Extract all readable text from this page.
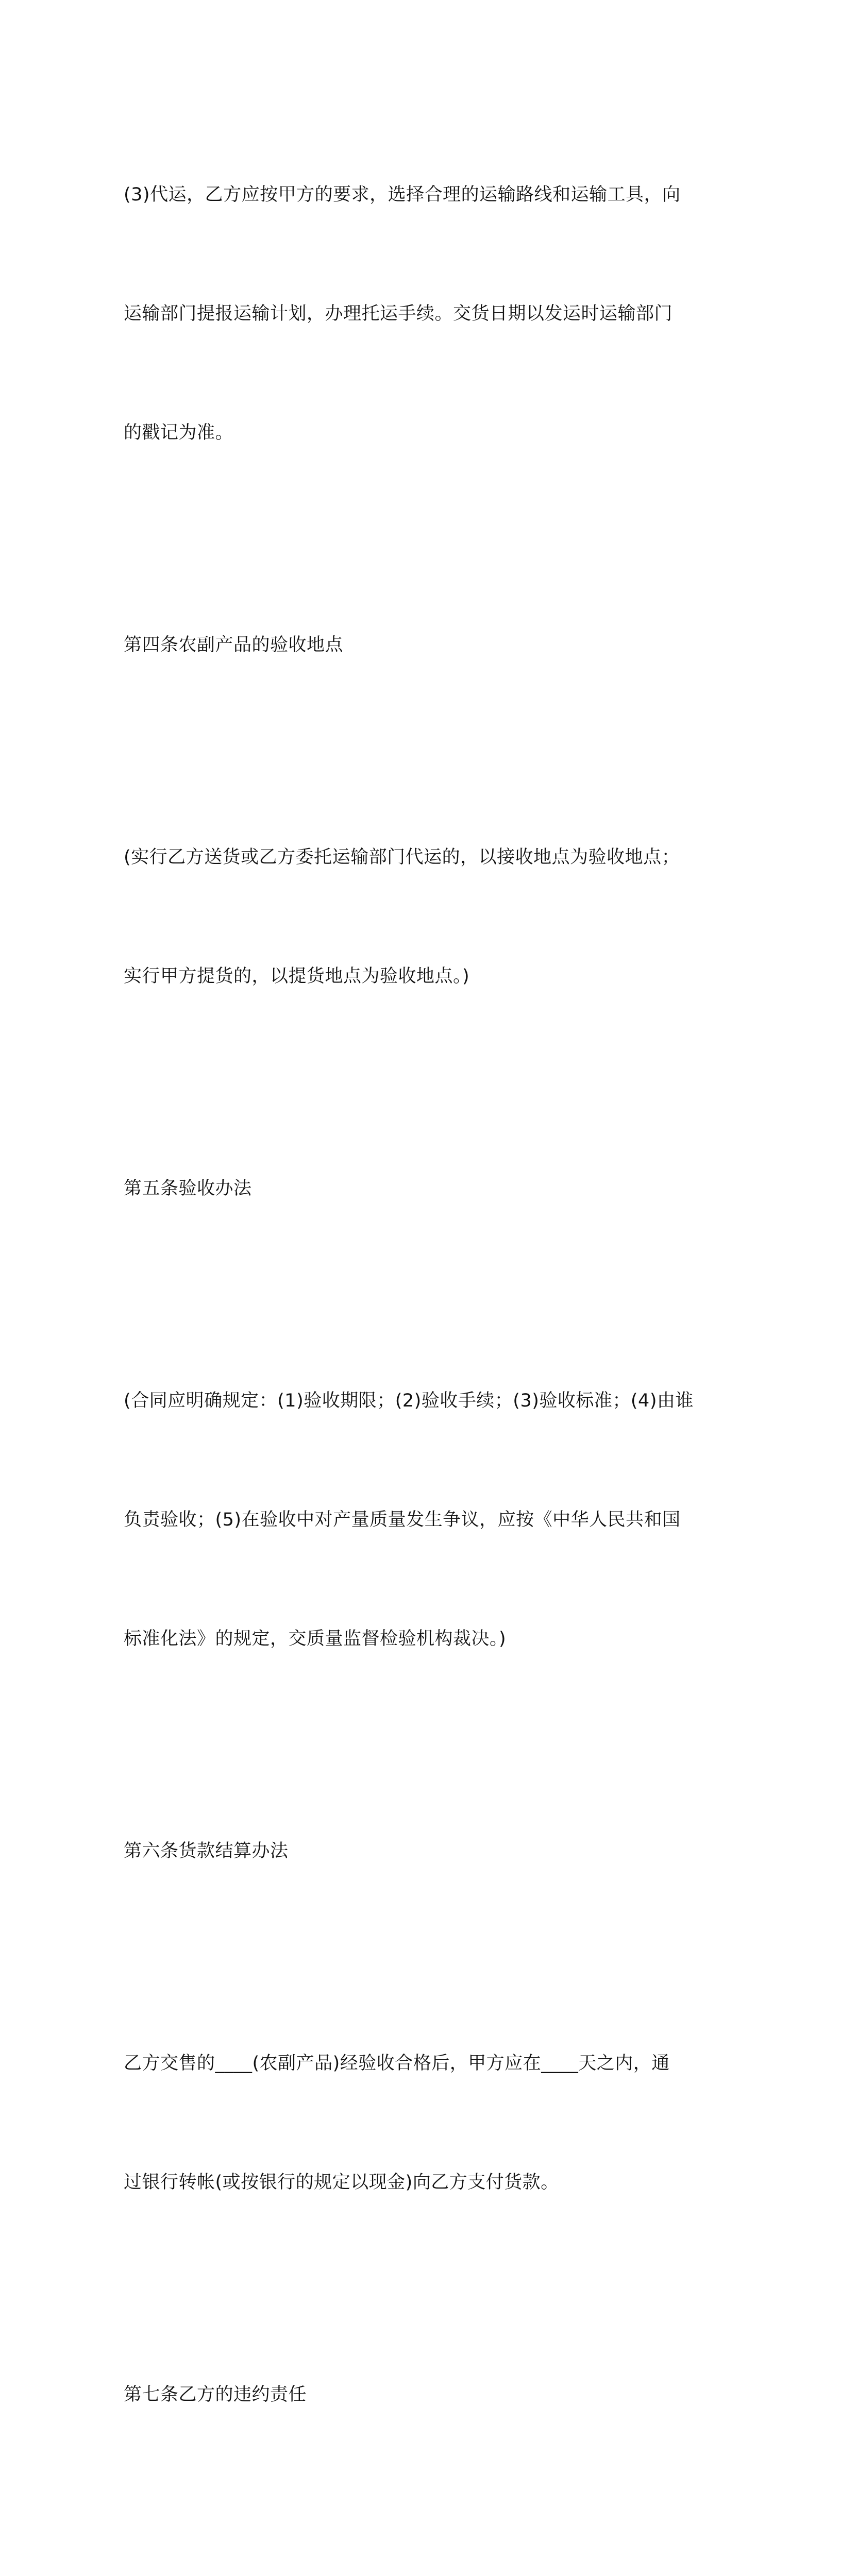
(3)代运，乙方应按甲方的要求，选择合理的运输路线和运输工具，向

运输部门提报运输计划，办理托运手续。交货日期以发运时运输部门

的戳记为准。

第四条农副产品的验收地点

(实行乙方送货或乙方委托运输部门代运的，以接收地点为验收地点；

实行甲方提货的，以提货地点为验收地点。)

第五条验收办法

(合同应明确规定：(1)验收期限；(2)验收手续；(3)验收标准；(4)由谁

负责验收；(5)在验收中对产量质量发生争议，应按《中华人民共和国

标准化法》的规定，交质量监督检验机构裁决。)

第六条货款结算办法

乙方交售的____(农副产品)经验收合格后，甲方应在____天之内，通

过银行转帐(或按银行的规定以现金)向乙方支付货款。

第七条乙方的违约责任
